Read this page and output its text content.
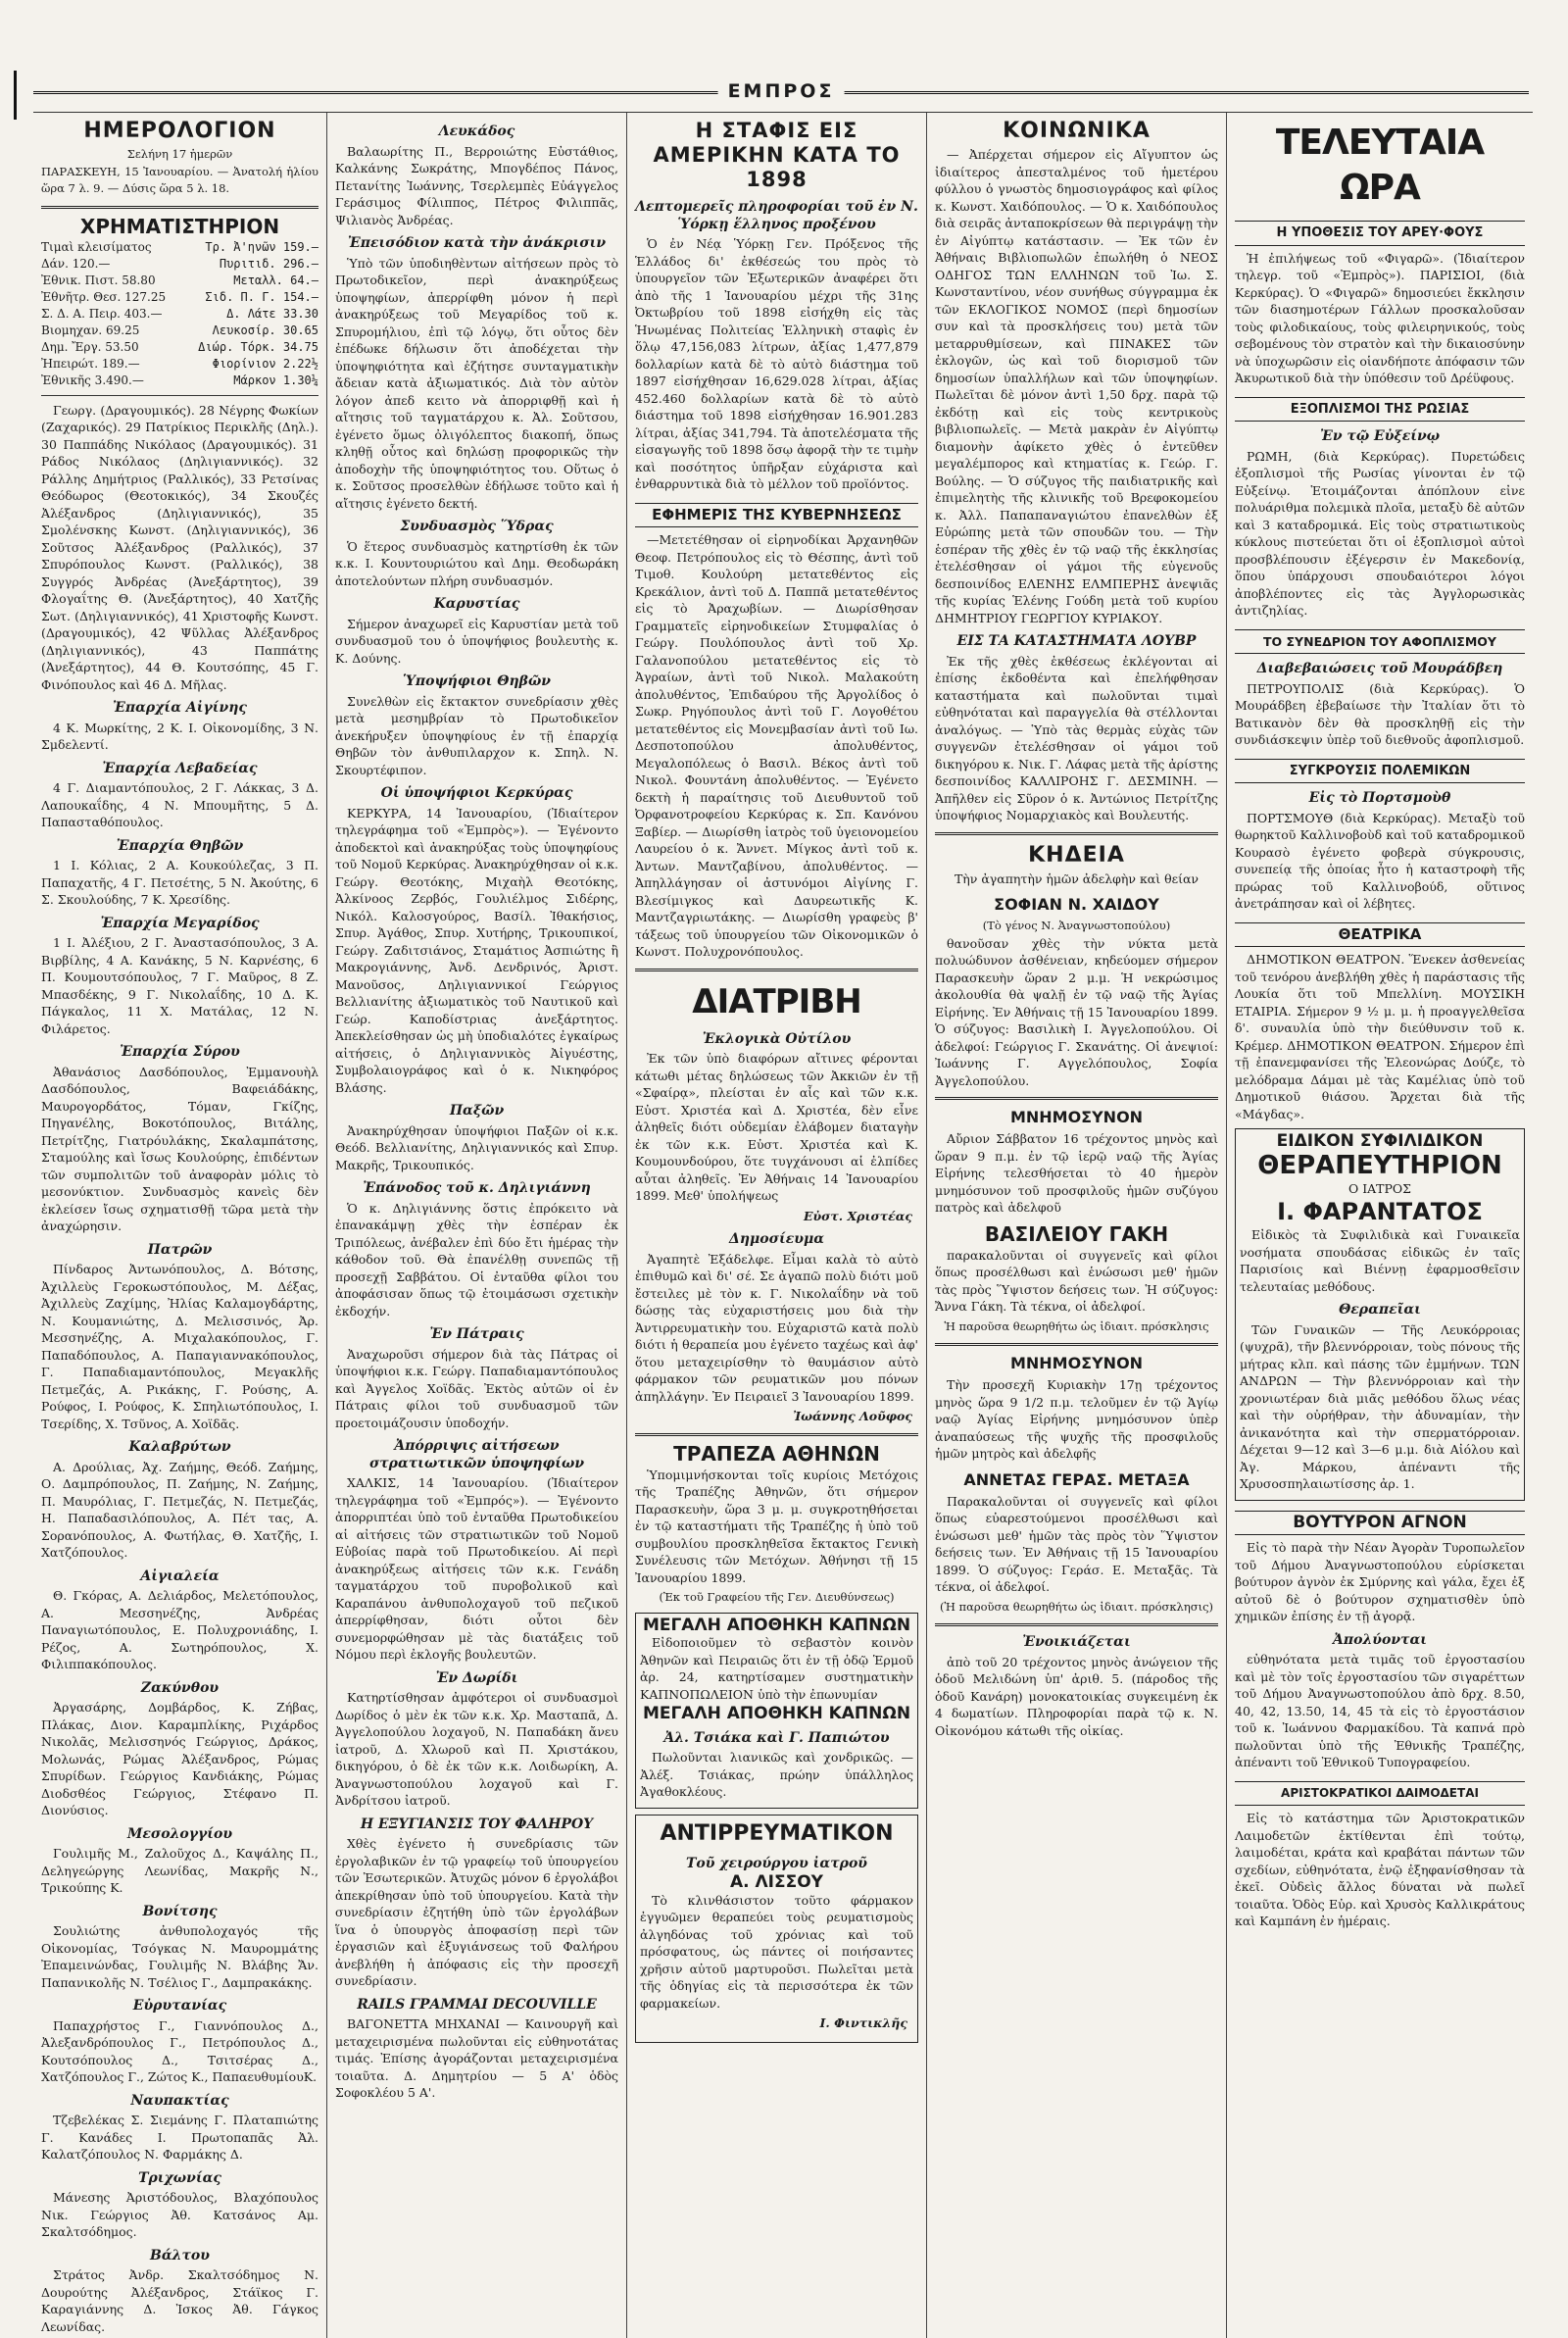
ΕΜΠΡΟΣ
ΗΜΕΡΟΛΟΓΙΟΝ
Σελήνη 17 ἡμερῶν
ΠΑΡΑΣΚΕΥΗ, 15 Ἰανουαρίου. — Ἀνατολή ἡλίου ὥρα 7 λ. 9. — Δύσις ὥρα 5 λ. 18.
ΧΡΗΜΑΤΙΣΤΗΡΙΟΝ
Τιμαὶ κλεισίματος	Τρ. Ἀ'ηνῶν 159.—
Δάν. 120.—	Πυριτιδ. 296.—
Ἐθνικ. Πιστ. 58.80	Μεταλλ. 64.—
Ἐθνῆτρ. Θεσ. 127.25	Σιδ. Π. Γ. 154.—
Σ. Δ. Α. Πειρ. 403.—	Δ. Λάτε 33.30
Βιομηχαν. 69.25	Λευκοσίρ. 30.65
Δημ. Ἔργ. 53.50	Διώρ. Τόρκ. 34.75
Ἠπειρώτ. 189.—	Φιορίνιον 2.22½
Ἐθνικῆς 3.490.—	Μάρκον 1.30¼

Γεωργ. (Δραγουμικός). 28 Νέγρης Φωκίων (Ζαχαρικός). 29 Πατρίκιος Περικλῆς (Δηλ.). 30 Παππάδης Νικόλαος (Δραγουμικός). 31 Ράδος Νικόλαος (Δηλιγιαννικός). 32 Ράλλης Δημήτριος (Ραλλικός), 33 Ρετσίνας Θεόδωρος (Θεοτοκικός), 34 Σκουζές Ἀλέξανδρος (Δηλιγιαννικός), 35 Σμολένσκης Κωνστ. (Δηλιγιαννικός), 36 Σοῦτσος Ἀλέξανδρος (Ραλλικός), 37 Σπυρόπουλος Κωνστ. (Ραλλικός), 38 Συγγρός Ἀνδρέας (Ἀνεξάρτητος), 39 Φλογαΐτης Θ. (Ἀνεξάρτητος), 40 Χατζῆς Σωτ. (Δηλιγιαννικός), 41 Χριστοφῆς Κωνστ. (Δραγουμικός), 42 Ψῦλλας Ἀλέξανδρος (Δηλιγιαννικός), 43 Παππάτης (Ἀνεξάρτητος), 44 Θ. Κουτσόπης, 45 Γ. Φινόπουλος καὶ 46 Δ. Μῆλας.

Ἐπαρχία Αἰγίνης

4 Κ. Μωρκίτης, 2 Κ. Ι. Οἰκονομίδης, 3 Ν. Σμδελεντί.

Ἐπαρχία Λεβαδείας

4 Γ. Διαμαντόπουλος, 2 Γ. Λάκκας, 3 Δ. Λαπουκαΐδης, 4 Ν. Μπουμῆτης, 5 Δ. Παπασταθόπουλος.

Ἐπαρχία Θηβῶν

1 Ι. Κόλιας, 2 Α. Κουκούλεζας, 3 Π. Παπαχατῆς, 4 Γ. Πετσέτης, 5 Ν. Ἀκούτης, 6 Σ. Σκουλούδης, 7 Κ. Χρεσίδης.

Ἐπαρχία Μεγαρίδος

1 Ι. Ἀλέξιου, 2 Γ. Ἀναστασόπουλος, 3 Α. Βιρβίλης, 4 Α. Κανάκης, 5 Ν. Καρνέσης, 6 Π. Κουμουτσόπουλος, 7 Γ. Μαῦρος, 8 Ζ. Μπασδέκης, 9 Γ. Νικολαΐδης, 10 Δ. Κ. Πάγκαλος, 11 Χ. Ματάλας, 12 Ν. Φιλάρετος.

Ἐπαρχία Σύρου

Ἀθανάσιος Δασδόπουλος, Ἐμμανουὴλ Δασδόπουλος, Βαφειάδάκης, Μαυρογορδάτος, Τόμαν, Γκίζης, Πηγανέλης, Βοκοτόπουλος, Βιτάλης, Πετρίτζης, Γιατρόυλάκης, Σκαλαμπάτσης, Σταμούλης καὶ ἴσως Κουλούρης, ἐπιδέντων τῶν συμπολιτῶν τοῦ ἀναφορὰν μόλις τὸ μεσονύκτιον. Συνδυασμὸς κανεὶς δὲν ἐκλείσεν ἴσως σχηματισθῇ τῶρα μετὰ τὴν ἀναχώρησιν.

Πατρῶν

Πίνδαρος Ἀντωνόπουλος, Δ. Βότσης, Ἀχιλλεὺς Γεροκωστόπουλος, Μ. Δέξας, Ἀχιλλεὺς Ζαχίμης, Ἠλίας Καλαμογδάρτης, Ν. Κουμανιώτης, Δ. Μελισσινός, Ἀρ. Μεσσηνέζης, Α. Μιχαλακόπουλος, Γ. Παπαδόπουλος, Α. Παπαγιαννακόπουλος, Γ. Παπαδιαμαντόπουλος, Μεγακλῆς Πετμεζάς, Α. Ρικάκης, Γ. Ρούσης, Α. Ρούφος, Ι. Ρούφος, Κ. Σπηλιωτόπουλος, Ι. Τσερίδης, Χ. Τσῦνος, Α. Χοϊδᾶς.

Καλαβρύτων

Α. Δρούλιας, Ἀχ. Ζαήμης, Θεόδ. Ζαήμης, Ο. Δαμπρόπουλος, Π. Ζαήμης, Ν. Ζαήμης, Π. Μαυρόλιας, Γ. Πετμεζάς, Ν. Πετμεζάς, Η. Παπαδασιλόπουλος, Α. Πέτ τας, Α. Σορανόπουλος, Α. Φωτήλας, Θ. Χατζῆς, Ι. Χατζόπουλος.

Αἰγιαλεία

Θ. Γκόρας, Α. Δελιάρδος, Μελετόπουλος, Α. Μεσσηνέζης, Ἀνδρέας Παναγιωτόπουλος, Ε. Πολυχρονιάδης, Ι. Ρέζος, Α. Σωτηρόπουλος, Χ. Φιλιππακόπουλος.

Ζακύνθου

Ἀργασάρης, Δομβάρδος, Κ. Ζήβας, Πλάκας, Διον. Καραμπλίκης, Ριχάρδος Νικολᾶς, Μελισσηνός Γεώργιος, Δράκος, Μολωνάς, Ρώμας Ἀλέξανδρος, Ρώμας Σπυρίδων. Γεώργιος Κανδιάκης, Ρώμας Διοδσθέος Γεώργιος, Στέφανο Π. Διονύσιος.

Μεσολογγίου

Γουλιμῆς Μ., Ζαλοῦχος Δ., Καψάλης Π., Δεληγεώργης Λεωνίδας, Μακρῆς Ν., Τρικούπης Κ.

Βονίτσης

Σουλιώτης ἀνθυπολοχαγός τῆς Οἰκονομίας, Τσόγκας Ν. Μαυρομμάτης Ἐπαμεινώνδας, Γουλιμῆς Ν. Βλάβης Ἄν. Παπανικολῆς Ν. Τσέλιος Γ., Δαμπρακάκης.

Εὐρυτανίας

Παπαχρήστος Γ., Γιαννόπουλος Δ., Ἀλεξανδρόπουλος Γ., Πετρόπουλος Δ., Κουτσόπουλος Δ., Τσιτσέρας Δ., Χατζόπουλος Γ., Ζώτος Κ., ΠαπαευθυμίουΚ.

Ναυπακτίας

Τζεβελέκας Σ. Σιεμάνης Γ. Πλαταπιώτης Γ. Κανάδες Ι. Πρωτοπαπᾶς Ἀλ. Καλατζόπουλος Ν. Φαρμάκης Δ.

Τριχωνίας

Μάνεσης Ἀριστόδουλος, Βλαχόπουλος Νικ. Γεώργιος Ἀθ. Κατσάνος Αμ. Σκαλτσόδημος.

Βάλτου

Στράτος Ἀνδρ. Σκαλτσόδημος Ν. Δουρούτης Ἀλέξανδρος, Στάϊκος Γ. Καραγιάννης Δ. Ἰσκος Ἀθ. Γάγκος Λεωνίδας.

Λευκάδος

Βαλαωρίτης Π., Βερροιώτης Εὐστάθιος, Καλκάνης Σωκράτης, Μπογδέπος Πάνος, Πετανίτης Ἰωάννης, Τσερλεμπὲς Εὐάγγελος Γεράσιμος Φίλιππος, Πέτρος Φιλιππᾶς, Ψιλιανὸς Ἀνδρέας.

Ἐπεισόδιον κατὰ τὴν ἀνάκρισιν

Ὑπὸ τῶν ὑποδιηθὲντων αἰτήσεων πρὸς τὸ Πρωτοδικεῖον, περὶ ἀνακηρύξεως ὑποψηφίων, ἀπερρίφθη μόνον ἡ περὶ ἀνακηρύξεως τοῦ Μεγαρίδος τοῦ κ. Σπυρομήλιου, ἐπὶ τῷ λόγῳ, ὅτι οὗτος δὲν ἐπέδωκε δήλωσιν ὅτι ἀποδέχεται τὴν ὑποψηφιότητα καὶ ἐζήτησε συνταγματικὴν ἄδειαν κατὰ ἀξιωματικός. Διὰ τὸν αὐτὸν λόγον ἀπεδ κειτο νὰ ἀπορριφθῇ καὶ ἡ αἴτησις τοῦ ταγματάρχου κ. Ἀλ. Σοῦτσου, ἐγένετο ὅμως ὀλιγόλεπτος διακοπή, ὅπως κληθῇ οὗτος καὶ δηλώσῃ προφορικῶς τὴν ἀποδοχὴν τῆς ὑποψηφιότητος του. Οὕτως ὁ κ. Σοῦτσος προσελθὼν ἐδήλωσε τοῦτο καὶ ἡ αἴτησις ἐγένετο δεκτή.

Συνδυασμὸς Ὕδρας

Ὁ ἕτερος συνδυασμὸς κατηρτίσθη ἐκ τῶν κ.κ. Ι. Κουντουριώτου καὶ Δημ. Θεοδωράκη ἀποτελούντων πλήρη συνδυασμόν.

Καρυστίας

Σήμερον ἀναχωρεῖ εἰς Καρυστίαν μετὰ τοῦ συνδυασμοῦ του ὁ ὑποψήφιος βουλευτὴς κ. Κ. Δούνης.

Ὑποψήφιοι Θηβῶν

Συνελθὼν εἰς ἔκτακτον συνεδρίασιν χθὲς μετὰ μεσημβρίαν τὸ Πρωτοδικεῖον ἀνεκήρυξεν ὑποψηφίους ἐν τῇ ἐπαρχίᾳ Θηβῶν τὸν ἀνθυπιλαρχον κ. Σπηλ. Ν. Σκουρτέφιπον.

Οἱ ὑποψήφιοι Κερκύρας

ΚΕΡΚΥΡΑ, 14 Ἰανουαρίου, (Ἰδιαίτερον τηλεγράφημα τοῦ «Ἐμπρὸς»). — Ἐγένοντο ἀποδεκτοὶ καὶ ἀνακηρύξας τοὺς ὑποψηφίους τοῦ Νομοῦ Κερκύρας. Ἀνακηρύχθησαν οἱ κ.κ. Γεώργ. Θεοτόκης, Μιχαὴλ Θεοτόκης, Ἀλκίνοος Ζερβός, Γουλιέλμος Σιδέρης, Νικόλ. Καλοσγούρος, Βασίλ. Ἰθακήσιος, Σπυρ. Ἀγάθος, Σπυρ. Χυτήρης, Τρικουπικοί, Γεώργ. Ζαδιτσιάνος, Σταμάτιος Ἀσπιώτης ἢ Μακρογιάννης, Ἀνδ. Δενδρινός, Ἀριστ. Μανοῦσος, Δηλιγιαννικοί Γεώργιος Βελλιανίτης ἀξιωματικὸς τοῦ Ναυτικοῦ καὶ Γεώρ. Καποδίστριας ἀνεξάρτητος. Ἀπεκλείσθησαν ὡς μὴ ὑποδιαλότες ἐγκαίρως αἰτήσεις, ὁ Δηλιγιαννικὸς Ἀἰγυέστης, Συμβολαιογράφος καὶ ὁ κ. Νικηφόρος Βλάσης.

Παξῶν

Ἀνακηρύχθησαν ὑποψήφιοι Παξῶν οἱ κ.κ. Θεόδ. Βελλιανίτης, Δηλιγιαννικός καὶ Σπυρ. Μακρῆς, Τρικουπικός.

Ἐπάνοδος τοῦ κ. Δηλιγιάννη

Ὁ κ. Δηλιγιάννης ὅστις ἐπρόκειτο νὰ ἐπανακάμψῃ χθὲς τὴν ἑσπέραν ἐκ Τριπόλεως, ἀνέβαλεν ἐπὶ δύο ἔτι ἡμέρας τὴν κάθοδον τοῦ. Θὰ ἐπανέλθῃ συνεπῶς τῇ προσεχῇ Σαββάτου. Οἱ ἐνταῦθα φίλοι του ἀποφάσισαν ὅπως τῷ ἐτοιμάσωσι σχετικὴν ἐκδοχήν.

Ἐν Πάτραις

Ἀναχωροῦσι σήμερον διὰ τὰς Πάτρας οἱ ὑποψήφιοι κ.κ. Γεώργ. Παπαδιαμαντόπουλος καὶ Ἀγγελος Χοϊδᾶς. Ἐκτὸς αὐτῶν οἱ ἐν Πάτραις φίλοι τοῦ συνδυασμοῦ τῶν προετοιμάζουσιν ὑποδοχήν.

Ἀπόρριψις αἰτήσεων στρατιωτικῶν ὑποψηφίων

ΧΑΛΚΙΣ, 14 Ἰανουαρίου. (Ἰδιαίτερον τηλεγράφημα τοῦ «Ἐμπρός»). — Ἐγένοντο ἀπορριπτέαι ὑπὸ τοῦ ἐνταῦθα Πρωτοδικείου αἱ αἰτήσεις τῶν στρατιωτικῶν τοῦ Νομοῦ Εὐβοίας παρὰ τοῦ Πρωτοδικείου. Αἱ περὶ ἀνακηρύξεως αἰτήσεις τῶν κ.κ. Γενάδη ταγματάρχου τοῦ πυροβολικοῦ καὶ Καραπάνου ἀνθυπολοχαγοῦ τοῦ πεζικοῦ ἀπερρίφθησαν, διότι οὗτοι δὲν συνεμορφώθησαν μὲ τὰς διατάξεις τοῦ Νόμου περὶ ἐκλογῆς βουλευτῶν.

Ἐν Δωρίδι

Κατηρτίσθησαν ἀμφότεροι οἱ συνδυασμοὶ Δωρίδος ὁ μὲν ἐκ τῶν κ.κ. Χρ. Μασταπᾶ, Δ. Ἀγγελοπούλου λοχαγοῦ, Ν. Παπαδάκη ἄνευ ἰατροῦ, Δ. Χλωροῦ καὶ Π. Χριστάκου, δικηγόρου, ὁ δὲ ἐκ τῶν κ.κ. Λοιδωρίκη, Α. Ἀναγνωστοπούλου λοχαγοῦ καὶ Γ. Ἀνδρίτσου ἰατροῦ.

Η ΕΞΥΓΙΑΝΣΙΣ ΤΟΥ ΦΑΛΗΡΟΥ

Χθὲς ἐγένετο ἡ συνεδρίασις τῶν ἐργολαβικῶν ἐν τῷ γραφείῳ τοῦ ὑπουργείου τῶν Ἐσωτερικῶν. Ἀτυχῶς μόνον 6 ἐργολάβοι ἀπεκρίθησαν ὑπὸ τοῦ ὑπουργείου. Κατὰ τὴν συνεδρίασιν ἐζητήθη ὑπὸ τῶν ἐργολάβων ἵνα ὁ ὑπουργὸς ἀποφασίσῃ περὶ τῶν ἐργασιῶν καὶ ἐξυγιάνσεως τοῦ Φαλήρου ἀνεβλήθη ἡ ἀπόφασις εἰς τὴν προσεχῆ συνεδρίασιν.

RAILS ΓΡΑΜΜΑΙ DECOUVILLE

ΒΑΓΟΝΕΤΤΑ ΜΗΧΑΝΑΙ — Καινουργῆ καὶ μεταχειρισμένα πωλοῦνται εἰς εὐθηνοτάτας τιμάς. Ἐπίσης ἀγοράζονται μεταχειρισμένα τοιαῦτα. Δ. Δημητρίου — 5 Α' ὁδὸς Σοφοκλέου 5 Α'.

Η ΣΤΑΦΙΣ ΕΙΣ ΑΜΕΡΙΚΗΝ ΚΑΤΑ ΤΟ 1898
Λεπτομερεῖς πληροφορίαι τοῦ ἐν Ν. Ὑόρκῃ ἕλληνος προξένου

Ὁ ἐν Νέᾳ Ὑόρκῃ Γεν. Πρόξενος τῆς Ἑλλάδος δι' ἐκθέσεώς του πρὸς τὸ ὑπουργεῖον τῶν Ἐξωτερικῶν ἀναφέρει ὅτι ἀπὸ τῆς 1 Ἰανουαρίου μέχρι τῆς 31ης Ὀκτωβρίου τοῦ 1898 εἰσήχθη εἰς τὰς Ἡνωμένας Πολιτείας Ἑλληνικὴ σταφὶς ἐν ὅλῳ 47,156,083 λίτρων, ἀξίας 1,477,879 δολλαρίων κατὰ δὲ τὸ αὐτὸ διάστημα τοῦ 1897 εἰσήχθησαν 16,629.028 λίτραι, ἀξίας 452.460 δολλαρίων κατὰ δὲ τὸ αὐτὸ διάστημα τοῦ 1898 εἰσήχθησαν 16.901.283 λίτραι, ἀξίας 341,794. Τὰ ἀποτελέσματα τῆς εἰσαγωγῆς τοῦ 1898 ὅσῳ ἀφορᾷ τὴν τε τιμὴν καὶ ποσότητος ὑπῆρξαν εὐχάριστα καὶ ἐνθαρρυντικὰ διὰ τὸ μέλλον τοῦ προϊόντος.

ΕΦΗΜΕΡΙΣ ΤΗΣ ΚΥΒΕΡΝΗΣΕΩΣ

—Μετετέθησαν οἱ εἰρηνοδίκαι Ἀρχανηθῶν Θεοφ. Πετρόπουλος εἰς τὸ Θέσπης, ἀντὶ τοῦ Τιμοθ. Κουλούρη μετατεθέντος εἰς Κρεκάλιον, ἀντὶ τοῦ Δ. Παππᾶ μετατεθέντος εἰς τὸ Ἀραχωβίων. — Διωρίσθησαν Γραμματεῖς εἰρηνοδικείων Στυμφαλίας ὁ Γεώργ. Πουλόπουλος ἀντὶ τοῦ Χρ. Γαλανοπούλου μετατεθέντος εἰς τὸ Ἀγραίων, ἀντὶ τοῦ Νικολ. Μαλακούτη ἀπολυθέντος, Ἐπιδαύρου τῆς Ἀργολίδος ὁ Σωκρ. Ρηγόπουλος ἀντὶ τοῦ Γ. Λογοθέτου μετατεθέντος εἰς Μονεμβασίαν ἀντὶ τοῦ Ιω. Δεσποτοπούλου ἀπολυθέντος, Μεγαλοπόλεως ὁ Βασιλ. Βέκος ἀντὶ τοῦ Νικολ. Φουντάνη ἀπολυθέντος. — Ἐγένετο δεκτὴ ἡ παραίτησις τοῦ Διευθυντοῦ τοῦ Ὀρφανοτροφείου Κερκύρας κ. Σπ. Κανόνου Ξαβίερ. — Διωρίσθη ἰατρὸς τοῦ ὑγειονομείου Λαυρείου ὁ κ. Ἄννετ. Μίγκος ἀντὶ τοῦ κ. Ἀντων. Μαντζαβίνου, ἀπολυθέντος. — Ἀπηλλάγησαν οἱ ἀστυνόμοι Αἰγίνης Γ. Βλεσίμιγκος καὶ Δαυρεωτικῆς Κ. Μαντζαγριωτάκης. — Διωρίσθη γραφεὺς β' τάξεως τοῦ ὑπουργείου τῶν Οἰκονομικῶν ὁ Κωνστ. Πολυχρονόπουλος.

ΔΙΑΤΡΙΒΗ
Ἐκλογικὰ Οὐτίλου

Ἐκ τῶν ὑπὸ διαφόρων αἴτινες φέρονται κάτωθι μέτας δηλώσεως τῶν Ἀκκιῶν ἐν τῇ «Σφαίρᾳ», πλείσται ἐν αἷς καὶ τῶν κ.κ. Εὐστ. Χριστέα καὶ Δ. Χριστέα, δὲν εἶνε ἀληθεῖς διότι οὐδεμίαν ἐλάβομεν διαταγὴν ἐκ τῶν κ.κ. Εὐστ. Χριστέα καὶ Κ. Κουμουνδούρου, ὅτε τυγχάνουσι αἱ ἐλπίδες αὗται ἀληθεῖς. Ἐν Ἀθήναις 14 Ἰανουαρίου 1899. Μεθ' ὑπολήψεως

Εὐστ. Χριστέας
Δημοσίευμα

Ἀγαπητὲ Ἐξάδελφε. Εἶμαι καλὰ τὸ αὐτὸ ἐπιθυμῶ καὶ δι' σέ. Σε ἀγαπῶ πολὺ διότι μοῦ ἔστειλες μὲ τὸν κ. Γ. Νικολαΐδην νὰ τοῦ δώσῃς τὰς εὐχαριστήσεις μου διὰ τὴν Ἀντιρρευματικὴν του. Εὐχαριστῶ κατὰ πολὺ διότι ἡ θεραπεία μου ἐγένετο ταχέως καὶ ἀφ' ὅτου μεταχειρίσθην τὸ θαυμάσιον αὐτὸ φάρμακον τῶν ρευματικῶν μου πόνων ἀπηλλάγην. Ἐν Πειραιεῖ 3 Ἰανουαρίου 1899.

Ἰωάννης Λοῦφος
ΤΡΑΠΕΖΑ ΑΘΗΝΩΝ

Ὑπομιμνήσκονται τοῖς κυρίοις Μετόχοις τῆς Τραπέζης Ἀθηνῶν, ὅτι σήμερον Παρασκευὴν, ὥρα 3 μ. μ. συγκροτηθήσεται ἐν τῷ καταστήματι τῆς Τραπέζης ἡ ὑπὸ τοῦ συμβουλίου προσκληθεῖσα ἔκτακτος Γενικὴ Συνέλευσις τῶν Μετόχων. Ἀθήνησι τῇ 15 Ἰανουαρίου 1899.

(Ἐκ τοῦ Γραφείου τῆς Γεν. Διευθύνσεως)
ΜΕΓΑΛΗ ΑΠΟΘΗΚΗ ΚΑΠΝΩΝ

Εἰδοποιοῦμεν τὸ σεβαστὸν κοινὸν Ἀθηνῶν καὶ Πειραιῶς ὅτι ἐν τῇ ὁδῷ Ἑρμοῦ ἀρ. 24, κατηρτίσαμεν συστηματικὴν ΚΑΠΝΟΠΩΛΕΙΟΝ ὑπὸ τὴν ἐπωνυμίαν

ΜΕΓΑΛΗ ΑΠΟΘΗΚΗ ΚΑΠΝΩΝ
Ἀλ. Τσιάκα καὶ Γ. Παπιώτου

Πωλοῦνται λιανικῶς καὶ χονδρικῶς. — Ἀλέξ. Τσιάκας, πρώην ὑπάλληλος Ἀγαθοκλέους.

ΑΝΤΙΡΡΕΥΜΑΤΙΚΟΝ
Τοῦ χειρούργου ἰατροῦ
Α. ΛΙΣΣΟΥ

Τὸ κλινθάσιστον τοῦτο φάρμακον ἐγγυῶμεν θεραπεύει τοὺς ρευματισμοὺς ἀλγηδόνας τοῦ χρόνιας καὶ τοῦ πρόσφατους, ὡς πάντες οἱ ποιήσαντες χρῆσιν αὐτοῦ μαρτυροῦσι. Πωλεῖται μετὰ τῆς ὁδηγίας εἰς τὰ περισσότερα ἐκ τῶν φαρμακείων.

Ι. Φιντικλῆς
ΚΟΙΝΩΝΙΚΑ

— Ἀπέρχεται σήμερον εἰς Αἴγυπτον ὡς ἰδιαίτερος ἀπεσταλμένος τοῦ ἡμετέρου φύλλου ὁ γνωστὸς δημοσιογράφος καὶ φίλος κ. Κωνστ. Χαιδόπουλος. — Ὁ κ. Χαιδόπουλος διὰ σειρᾶς ἀνταποκρίσεων θὰ περιγράψῃ τὴν ἐν Αἰγύπτῳ κατάστασιν. — Ἐκ τῶν ἐν Ἀθήναις Βιβλιοπωλῶν ἐπωλήθη ὁ ΝΕΟΣ ΟΔΗΓΟΣ ΤΩΝ ΕΛΛΗΝΩΝ τοῦ Ἰω. Σ. Κωνσταντίνου, νέον συνήθως σύγγραμμα ἐκ τῶν ΕΚΛΟΓΙΚΟΣ ΝΟΜΟΣ (περὶ δημοσίων συν καὶ τὰ προσκλήσεις του) μετὰ τῶν μεταρρυθμίσεων, καὶ ΠΙΝΑΚΕΣ τῶν ἐκλογῶν, ὡς καὶ τοῦ διορισμοῦ τῶν δημοσίων ὑπαλλήλων καὶ τῶν ὑποψηφίων. Πωλεῖται δὲ μόνον ἀντὶ 1,50 δρχ. παρὰ τῷ ἐκδότῃ καὶ εἰς τοὺς κεντρικοὺς βιβλιοπωλεῖς. — Μετὰ μακρὰν ἐν Αἰγύπτῳ διαμονὴν ἀφίκετο χθὲς ὁ ἐντεῦθεν μεγαλέμπορος καὶ κτηματίας κ. Γεώρ. Γ. Βούλης. — Ὁ σύζυγος τῆς παιδιατρικῆς καὶ ἐπιμελητὴς τῆς κλινικῆς τοῦ Βρεφοκομείου κ. Ἀλλ. Παπαπαναγιώτου ἐπανελθὼν ἐξ Εὐρώπης μετὰ τῶν σπουδῶν του. — Τὴν ἑσπέραν τῆς χθὲς ἐν τῷ ναῷ τῆς ἐκκλησίας ἐτελέσθησαν οἱ γάμοι τῆς εὐγενοῦς δεσποινίδος ΕΛΕΝΗΣ ΕΛΜΠΕΡΗΣ ἀνεψιᾶς τῆς κυρίας Ἑλένης Γούδη μετὰ τοῦ κυρίου ΔΗΜΗΤΡΙΟΥ ΓΕΩΡΓΙΟΥ ΚΥΡΙΑΚΟΥ.

ΕΙΣ ΤΑ ΚΑΤΑΣΤΗΜΑΤΑ ΛΟΥΒΡ

Ἐκ τῆς χθὲς ἐκθέσεως ἐκλέγονται αἱ ἐπίσης ἐκδοθέντα καὶ ἐπελήφθησαν καταστήματα καὶ πωλοῦνται τιμαὶ εὐθηνόταται καὶ παραγγελία θὰ στέλλονται ἀναλόγως. — Ὑπὸ τὰς θερμὰς εὐχὰς τῶν συγγενῶν ἐτελέσθησαν οἱ γάμοι τοῦ δικηγόρου κ. Νικ. Γ. Λάφας μετὰ τῆς ἀρίστης δεσποινίδος ΚΑΛΛΙΡΟΗΣ Γ. ΔΕΣΜΙΝΗ. — Ἀπῆλθεν εἰς Σῦρον ὁ κ. Ἀντώνιος Πετρίτζης ὑποψήφιος Νομαρχιακὸς καὶ Βουλευτής.

ΚΗΔΕΙΑ
Τὴν ἀγαπητὴν ἡμῶν ἀδελφὴν καὶ θείαν
ΣΟΦΙΑΝ Ν. ΧΑΙΔΟΥ
(Τὸ γένος Ν. Ἀναγνωστοπούλου)

θανοῦσαν χθὲς τὴν νύκτα μετὰ πολυώδυνον ἀσθένειαν, κηδεύομεν σήμερον Παρασκευὴν ὥραν 2 μ.μ. Ἡ νεκρώσιμος ἀκολουθία θὰ ψαλῇ ἐν τῷ ναῷ τῆς Ἁγίας Εἰρήνης. Ἐν Ἀθήναις τῇ 15 Ἰανουαρίου 1899. Ὁ σύζυγος: Βασιλικὴ Ι. Ἀγγελοπούλου. Οἱ ἀδελφοί: Γεώργιος Γ. Σκανάτης. Οἱ ἀνεψιοί: Ἰωάννης Γ. Αγγελόπουλος, Σοφία Ἀγγελοπούλου.

ΜΝΗΜΟΣΥΝΟΝ

Αὔριον Σάββατον 16 τρέχοντος μηνὸς καὶ ὥραν 9 π.μ. ἐν τῷ ἱερῷ ναῷ τῆς Ἁγίας Εἰρήνης τελεσθήσεται τὸ 40 ἡμερὸν μνημόσυνον τοῦ προσφιλοῦς ἡμῶν συζύγου πατρὸς καὶ ἀδελφοῦ

ΒΑΣΙΛΕΙΟΥ ΓΑΚΗ

παρακαλοῦνται οἱ συγγενεῖς καὶ φίλοι ὅπως προσέλθωσι καὶ ἑνώσωσι μεθ' ἡμῶν τὰς πρὸς Ὕψιστον δεήσεις των. Ἡ σύζυγος: Ἄννα Γάκη. Τὰ τέκνα, οἱ ἀδελφοί.

Ἡ παροῦσα θεωρηθήτω ὡς ἰδιαιτ. πρόσκλησις
ΜΝΗΜΟΣΥΝΟΝ

Τὴν προσεχῆ Κυριακὴν 17ῃ τρέχοντος μηνὸς ὥρα 9 1/2 π.μ. τελοῦμεν ἐν τῷ Ἁγίῳ ναῷ Ἀγίας Εἰρήνης μνημόσυνον ὑπὲρ ἀναπαύσεως τῆς ψυχῆς τῆς προσφιλοῦς ἡμῶν μητρὸς καὶ ἀδελφῆς

ΑΝΝΕΤΑΣ ΓΕΡΑΣ. ΜΕΤΑΞΑ

Παρακαλοῦνται οἱ συγγενεῖς καὶ φίλοι ὅπως εὐαρεστούμενοι προσέλθωσι καὶ ἑνώσωσι μεθ' ἡμῶν τὰς πρὸς τὸν Ὕψιστον δεήσεις των. Ἐν Ἀθήναις τῇ 15 Ἰανουαρίου 1899. Ὁ σύζυγος: Γεράσ. Ε. Μεταξᾶς. Τὰ τέκνα, οἱ ἀδελφοί.

(Ἡ παροῦσα θεωρηθήτω ὡς ἰδιαιτ. πρόσκλησις)
Ἐνοικιάζεται

ἀπὸ τοῦ 20 τρέχοντος μηνὸς ἀνώγειον τῆς ὁδοῦ Μελιδώνη ὑπ' ἀριθ. 5. (πάροδος τῆς ὁδοῦ Κανάρη) μονοκατοικίας συγκειμένη ἐκ 4 δωματίων. Πληροφορίαι παρὰ τῷ κ. Ν. Οἰκονόμου κάτωθι τῆς οἰκίας.

ΤΕΛΕΥΤΑΙΑ ΩΡΑ
Η ΥΠΟΘΕΣΙΣ ΤΟΥ ΑΡΕΥ·ΦΟΥΣ

Ἡ ἐπιλήψεως τοῦ «Φιγαρῶ». (Ἰδιαίτερον τηλεγρ. τοῦ «Ἐμπρὸς»). ΠΑΡΙΣΙΟΙ, (διὰ Κερκύρας). Ὁ «Φιγαρῶ» δημοσιεύει ἔκκλησιν τῶν διασημοτέρων Γάλλων προσκαλοῦσαν τοὺς φιλοδικαίους, τοὺς φιλειρηνικούς, τοὺς σεβομένους τὸν στρατὸν καὶ τὴν δικαιοσύνην νὰ ὑποχωρῶσιν εἰς οἱανδήποτε ἀπόφασιν τῶν Ἀκυρωτικοῦ διὰ τὴν ὑπόθεσιν τοῦ Δρέϋφους.

ΕΞΟΠΛΙΣΜΟΙ ΤΗΣ ΡΩΣΙΑΣ
Ἐν τῷ Εὐξείνῳ

ΡΩΜΗ, (διὰ Κερκύρας). Πυρετώδεις ἐξοπλισμοὶ τῆς Ρωσίας γίνονται ἐν τῷ Εὐξείνῳ. Ἑτοιμάζονται ἀπόπλουν εἰνε πολυάριθμα πολεμικὰ πλοῖα, μεταξὺ δὲ αὐτῶν καὶ 3 καταδρομικά. Εἰς τοὺς στρατιωτικοὺς κύκλους πιστεύεται ὅτι οἱ ἐξοπλισμοὶ αὐτοὶ προσβλέπουσιν ἐξέγερσιν ἐν Μακεδονίᾳ, ὅπου ὑπάρχουσι σπουδαιότεροι λόγοι ἀποβλέποντες εἰς τὰς Ἀγγλορωσικὰς ἀντιζηλίας.

ΤΟ ΣΥΝΕΔΡΙΟΝ ΤΟΥ ΑΦΟΠΛΙΣΜΟΥ
Διαβεβαιώσεις τοῦ Μουράδβεη

ΠΕΤΡΟΥΠΟΛΙΣ (διὰ Κερκύρας). Ὁ Μουράδβεη ἐβεβαίωσε τὴν Ἰταλίαν ὅτι τὸ Βατικανὸν δὲν θὰ προσκληθῇ εἰς τὴν συνδιάσκεψιν ὑπὲρ τοῦ διεθνοῦς ἀφοπλισμοῦ.

ΣΥΓΚΡΟΥΣΙΣ ΠΟΛΕΜΙΚΩΝ
Εἰς τὸ Πορτσμοὺθ

ΠΟΡΤΣΜΟΥΘ (διὰ Κερκύρας). Μεταξὺ τοῦ θωρηκτοῦ Καλλινοβοὺδ καὶ τοῦ καταδρομικοῦ Κουρασὸ ἐγένετο φοβερὰ σύγκρουσις, συνεπείᾳ τῆς ὁποίας ἦτο ἡ καταστροφὴ τῆς πρώρας τοῦ Καλλινοβούδ, οὕτινος ἀνετράπησαν καὶ οἱ λέβητες.

ΘΕΑΤΡΙΚΑ

ΔΗΜΟΤΙΚΟΝ ΘΕΑΤΡΟΝ. Ἕνεκεν ἀσθενείας τοῦ τενόρου ἀνεβλήθη χθὲς ἡ παράστασις τῆς Λουκία ὅτι τοῦ Μπελλίνη. ΜΟΥΣΙΚΗ ΕΤΑΙΡΙΑ. Σήμερον 9 ½ μ. μ. ἡ προαγγελθεῖσα δ'. συναυλία ὑπὸ τὴν διεύθυνσιν τοῦ κ. Κρέμερ. ΔΗΜΟΤΙΚΟΝ ΘΕΑΤΡΟΝ. Σήμερον ἐπὶ τῇ ἐπανεμφανίσει τῆς Ἐλεονώρας Δούζε, τὸ μελόδραμα Δάμαι μὲ τὰς Καμέλιας ὑπὸ τοῦ Δημοτικοῦ θιάσου. Ἄρχεται διὰ τῆς «Μάγδας».

ΕΙΔΙΚΟΝ ΣΥΦΙΛΙΔΙΚΟΝ
ΘΕΡΑΠΕΥΤΗΡΙΟΝ
Ο ΙΑΤΡΟΣ
Ι. ΦΑΡΑΝΤΑΤΟΣ

Εἰδικὸς τὰ Συφιλιδικὰ καὶ Γυναικεῖα νοσήματα σπουδάσας εἰδικῶς ἐν ταῖς Παρισίοις καὶ Βιέννῃ ἐφαρμοσθεῖσιν τελευταίας μεθόδους.

Θεραπεῖαι

Τῶν Γυναικῶν — Τῆς Λευκόρροιας (ψυχρᾶ), τῆν βλεννόρροιαν, τοὺς πόνους τῆς μήτρας κλπ. καὶ πάσης τῶν ἐμμήνων. ΤΩΝ ΑΝΔΡΩΝ — Τὴν βλεννόρροιαν καὶ τὴν χρονιωτέραν διὰ μιᾶς μεθόδου ὅλως νέας καὶ τὴν οὐρήθραν, τὴν ἀδυναμίαν, τὴν ἀνικανότητα καὶ τὴν σπερματόρροιαν. Δέχεται 9—12 καὶ 3—6 μ.μ. διὰ Αἰόλου καὶ Ἀγ. Μάρκου, ἀπέναντι τῆς Χρυσοσπηλαιωτίσσης ἀρ. 1.

ΒΟΥΤΥΡΟΝ ΑΓΝΟΝ

Εἰς τὸ παρὰ τὴν Νέαν Ἀγορὰν Τυροπωλεῖον τοῦ Δήμου Ἀναγνωστοπούλου εὑρίσκεται βούτυρον ἀγνὸν ἐκ Σμύρνης καὶ γάλα, ἔχει ἐξ αὐτοῦ δὲ ὁ βούτυρον σχηματισθὲν ὑπὸ χημικῶν ἐπίσης ἐν τῇ ἀγορᾷ.

Ἀπολύονται

εὐθηνότατα μετὰ τιμᾶς τοῦ ἐργοστασίου καὶ μὲ τὸν τοῖς ἐργοστασίου τῶν σιγαρέττων τοῦ Δήμου Ἀναγνωστοπούλου ἀπὸ δρχ. 8.50, 40, 42, 13.50, 14, 45 τὰ εἰς τὸ ἐργοστάσιον τοῦ κ. Ἰωάννου Φαρμακίδου. Τὰ καπνά πρὸ πωλοῦνται ὑπὸ τῆς Ἐθνικῆς Τραπέζης, ἀπέναντι τοῦ Ἐθνικοῦ Τυπογραφείου.

ΑΡΙΣΤΟΚΡΑΤΙΚΟΙ ΔΑΙΜΟΔΕΤΑΙ

Εἰς τὸ κατάστημα τῶν Ἀριστοκρατικῶν Λαιμοδετῶν ἐκτίθενται ἐπὶ τούτῳ, λαιμοδέται, κράτα καὶ κραβάται πάντων τῶν σχεδίων, εὐθηνότατα, ἐνῷ ἐξηφανίσθησαν τὰ ἐκεῖ. Οὐδεὶς ἄλλος δύναται νὰ πωλεῖ τοιαῦτα. Ὁδὸς Εὐρ. καὶ Χρυσὸς Καλλικράτους καὶ Καμπάνη ἐν ἡμέραις.
